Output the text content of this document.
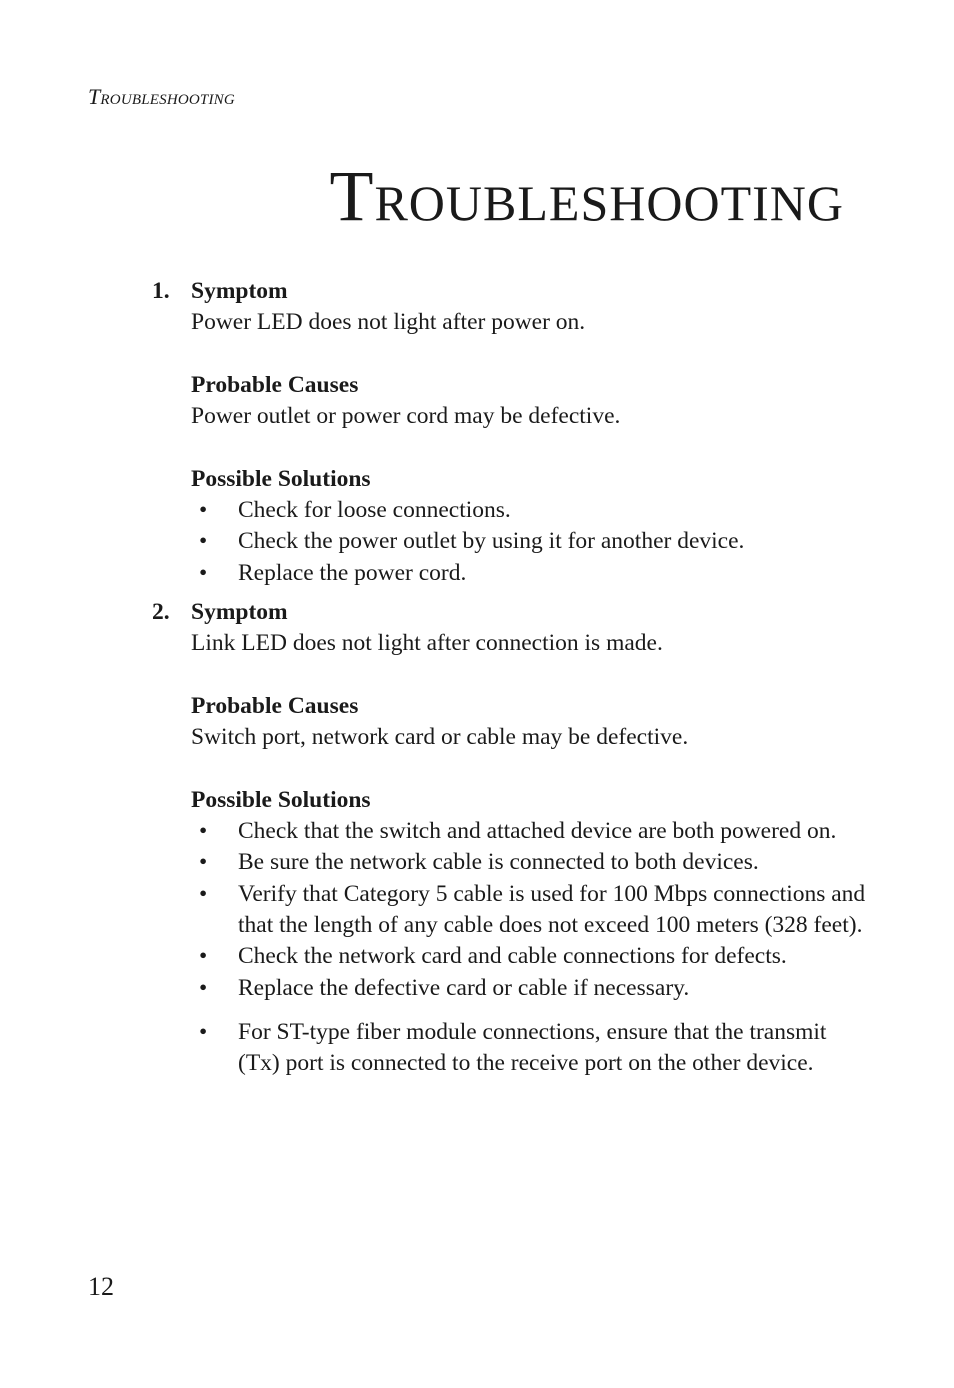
Troubleshooting
Troubleshooting
1. Symptom
Power LED does not light after power on.
Probable Causes
Power outlet or power cord may be defective.
Possible Solutions
• Check for loose connections.
• Check the power outlet by using it for another device.
• Replace the power cord.
2. Symptom
Link LED does not light after connection is made.
Probable Causes
Switch port, network card or cable may be defective.
Possible Solutions
• Check that the switch and attached device are both powered on.
• Be sure the network cable is connected to both devices.
• Verify that Category 5 cable is used for 100 Mbps connections and that the length of any cable does not exceed 100 meters (328 feet).
• Check the network card and cable connections for defects.
• Replace the defective card or cable if necessary.
• For ST-type fiber module connections, ensure that the transmit (Tx) port is connected to the receive port on the other device.
12
